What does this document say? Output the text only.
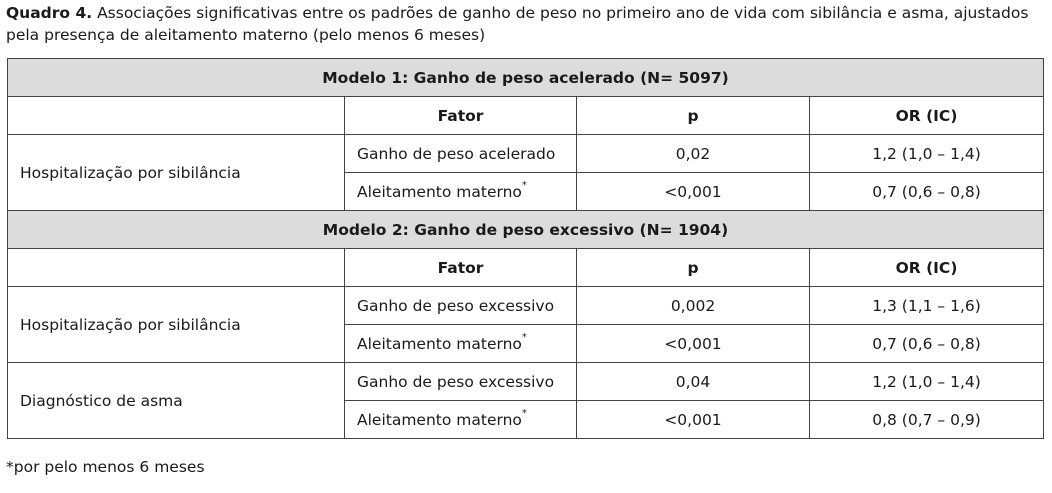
Quadro 4. Associações significativas entre os padrões de ganho de peso no primeiro ano de vida com sibilância e asma, ajustados pela presença de aleitamento materno (pelo menos 6 meses)
Modelo 1: Ganho de peso acelerado (N= 5097)			
	Fator	p	OR (IC)
Hospitalização por sibilância	Ganho de peso acelerado	0,02	1,2 (1,0 – 1,4)
	Aleitamento materno*	<0,001	0,7 (0,6 – 0,8)
Modelo 2: Ganho de peso excessivo (N= 1904)			
	Fator	p	OR (IC)
Hospitalização por sibilância	Ganho de peso excessivo	0,002	1,3 (1,1 – 1,6)
	Aleitamento materno*	<0,001	0,7 (0,6 – 0,8)
Diagnóstico de asma	Ganho de peso excessivo	0,04	1,2 (1,0 – 1,4)
	Aleitamento materno*	<0,001	0,8 (0,7 – 0,9)
*por pelo menos 6 meses
